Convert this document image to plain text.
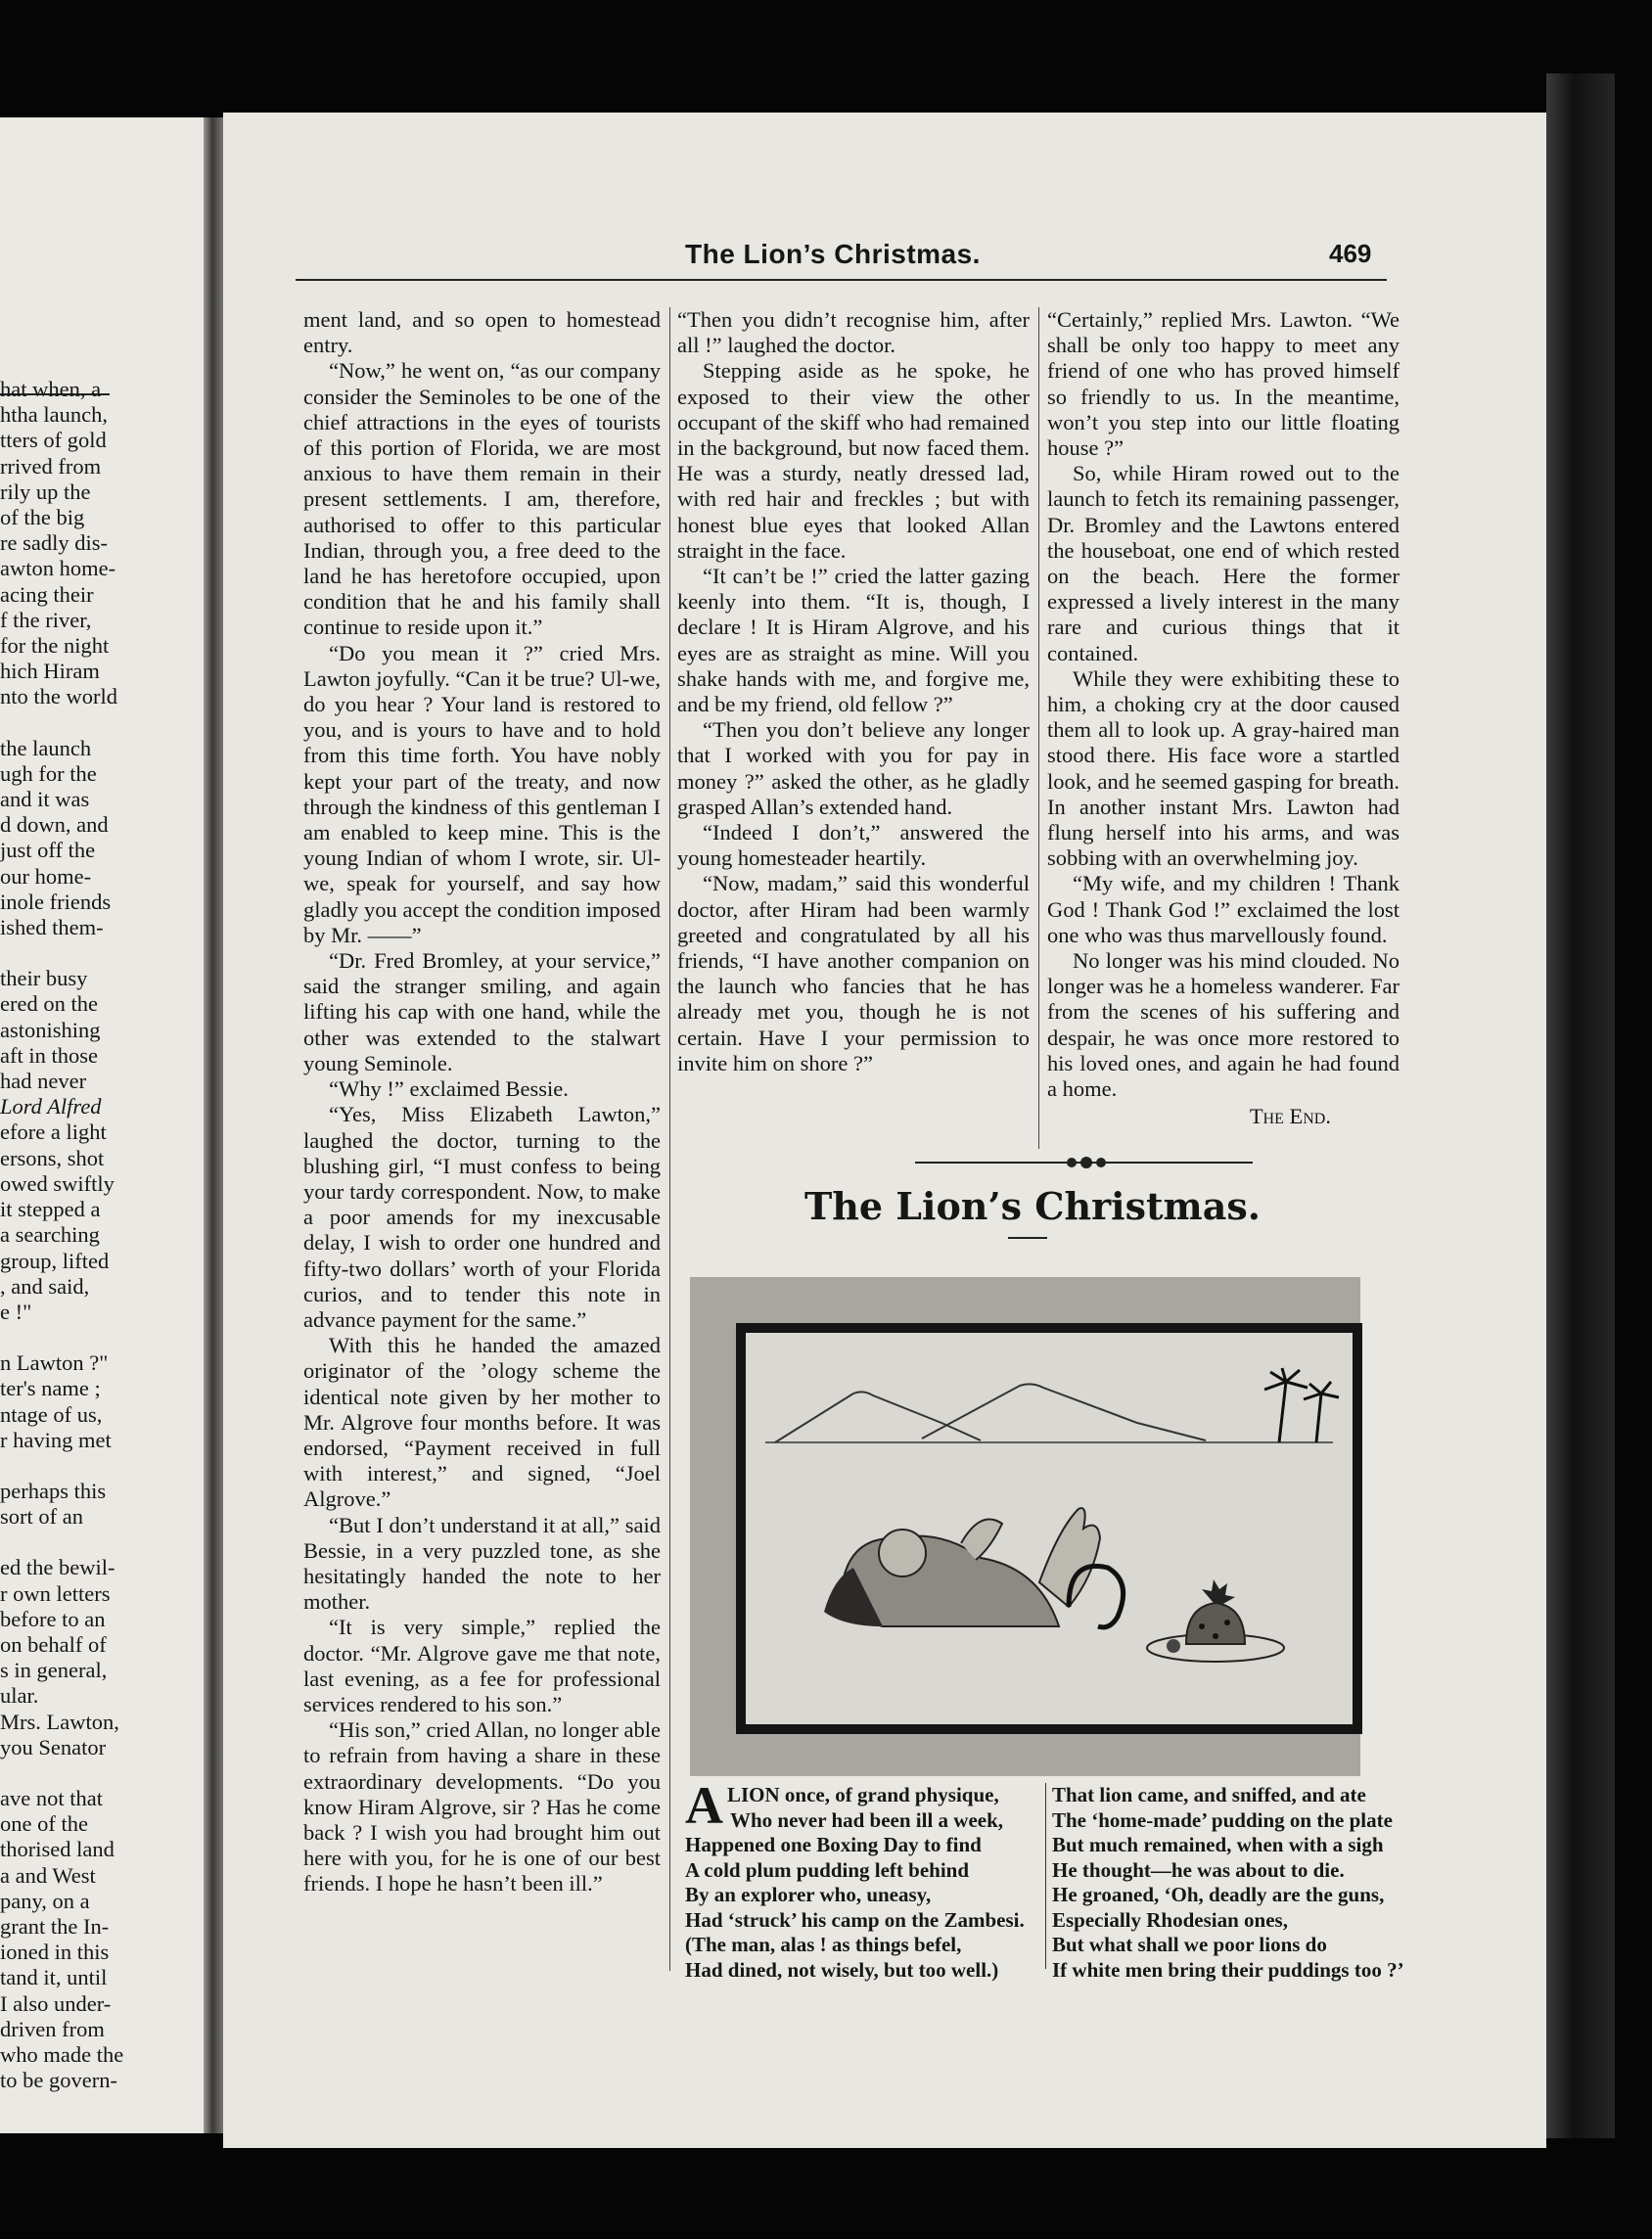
hat when, a
htha launch,
tters of gold
rrived from
rily up the
of the big
re sadly dis-
awton home-
acing their
f the river,
for the night
hich Hiram
nto the world
the launch
ugh for the
and it was
d down, and
just off the
our home-
inole friends
ished them-
their busy
ered on the
astonishing
aft in those
had never
Lord Alfred
efore a light
ersons, shot
owed swiftly
it stepped a
a searching
group, lifted
, and said,
e !"
n Lawton ?"
ter's name ;
ntage of us,
r having met
perhaps this
sort of an
ed the bewil-
r own letters
before to an
on behalf of
s in general,
ular.
Mrs. Lawton,
you Senator
ave not that
one of the
thorised land
a and West
pany, on a
grant the In-
ioned in this
tand it, until
I also under-
driven from
who made the
to be govern-
The Lion’s Christmas.	469

ment land, and so open to homestead entry.

“Now,” he went on, “as our company consider the Seminoles to be one of the chief attractions in the eyes of tourists of this portion of Florida, we are most anxious to have them remain in their present settlements. I am, therefore, authorised to offer to this particular Indian, through you, a free deed to the land he has heretofore occupied, upon condition that he and his family shall continue to reside upon it.”

“Do you mean it ?” cried Mrs. Lawton joyfully. “Can it be true? Ul-we, do you hear ? Your land is restored to you, and is yours to have and to hold from this time forth. You have nobly kept your part of the treaty, and now through the kindness of this gentleman I am enabled to keep mine. This is the young Indian of whom I wrote, sir. Ul-we, speak for yourself, and say how gladly you accept the condition imposed by Mr. ——”

“Dr. Fred Bromley, at your service,” said the stranger smiling, and again lifting his cap with one hand, while the other was extended to the stalwart young Seminole.

“Why !” exclaimed Bessie.

“Yes, Miss Elizabeth Lawton,” laughed the doctor, turning to the blushing girl, “I must confess to being your tardy correspondent. Now, to make a poor amends for my inexcusable delay, I wish to order one hundred and fifty-two dollars’ worth of your Florida curios, and to tender this note in advance payment for the same.”

With this he handed the amazed originator of the ’ology scheme the identical note given by her mother to Mr. Algrove four months before. It was endorsed, “Payment received in full with interest,” and signed, “Joel Algrove.”

“But I don’t understand it at all,” said Bessie, in a very puzzled tone, as she hesitatingly handed the note to her mother.

“It is very simple,” replied the doctor. “Mr. Algrove gave me that note, last evening, as a fee for professional services rendered to his son.”

“His son,” cried Allan, no longer able to refrain from having a share in these extraordinary developments. “Do you know Hiram Algrove, sir ? Has he come back ? I wish you had brought him out here with you, for he is one of our best friends. I hope he hasn’t been ill.”

“Then you didn’t recognise him, after all !” laughed the doctor.

Stepping aside as he spoke, he exposed to their view the other occupant of the skiff who had remained in the background, but now faced them. He was a sturdy, neatly dressed lad, with red hair and freckles ; but with honest blue eyes that looked Allan straight in the face.

“It can’t be !” cried the latter gazing keenly into them. “It is, though, I declare ! It is Hiram Algrove, and his eyes are as straight as mine. Will you shake hands with me, and forgive me, and be my friend, old fellow ?”

“Then you don’t believe any longer that I worked with you for pay in money ?” asked the other, as he gladly grasped Allan’s extended hand.

“Indeed I don’t,” answered the young homesteader heartily.

“Now, madam,” said this wonderful doctor, after Hiram had been warmly greeted and congratulated by all his friends, “I have another companion on the launch who fancies that he has already met you, though he is not certain. Have I your permission to invite him on shore ?”

“Certainly,” replied Mrs. Lawton. “We shall be only too happy to meet any friend of one who has proved himself so friendly to us. In the meantime, won’t you step into our little floating house ?”

So, while Hiram rowed out to the launch to fetch its remaining passenger, Dr. Bromley and the Lawtons entered the houseboat, one end of which rested on the beach. Here the former expressed a lively interest in the many rare and curious things that it contained.

While they were exhibiting these to him, a choking cry at the door caused them all to look up. A gray-haired man stood there. His face wore a startled look, and he seemed gasping for breath. In another instant Mrs. Lawton had flung herself into his arms, and was sobbing with an overwhelming joy.

“My wife, and my children ! Thank God ! Thank God !” exclaimed the lost one who was thus marvellously found.

No longer was his mind clouded. No longer was he a homeless wanderer. Far from the scenes of his suffering and despair, he was once more restored to his loved ones, and again he had found a home.

The End.
The Lion’s Christmas.
ALION once, of grand physique,
Who never had been ill a week,
Happened one Boxing Day to find
A cold plum pudding left behind
By an explorer who, uneasy,
Had ‘struck’ his camp on the Zambesi.
(The man, alas ! as things befel,
Had dined, not wisely, but too well.)
That lion came, and sniffed, and ate
The ‘home-made’ pudding on the plate
But much remained, when with a sigh
He thought—he was about to die.
He groaned, ‘Oh, deadly are the guns,
Especially Rhodesian ones,
But what shall we poor lions do
If white men bring their puddings too ?’
